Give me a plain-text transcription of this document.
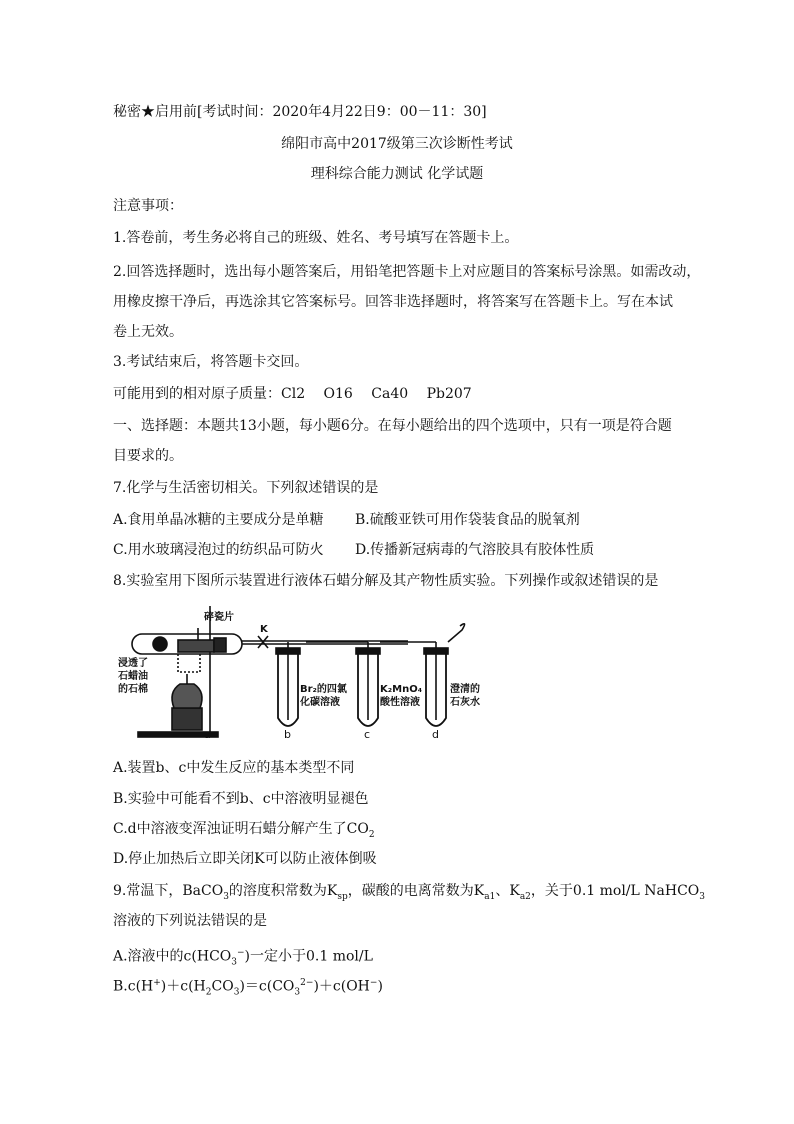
秘密★启用前[考试时间：2020年4月22日9：00－11：30]
绵阳市高中2017级第三次诊断性考试
理科综合能力测试 化学试题
注意事项：
1.答卷前，考生务必将自己的班级、姓名、考号填写在答题卡上。
2.回答选择题时，选出每小题答案后，用铅笔把答题卡上对应题目的答案标号涂黑。如需改动，
用橡皮擦干净后，再选涂其它答案标号。回答非选择题时，将答案写在答题卡上。写在本试
卷上无效。
3.考试结束后，将答题卡交回。
可能用到的相对原子质量：Cl2　 O16　 Ca40　 Pb207
一、选择题：本题共13小题，每小题6分。在每小题给出的四个选项中，只有一项是符合题
目要求的。
7.化学与生活密切相关。下列叙述错误的是
A.食用单晶冰糖的主要成分是单糖 B.硫酸亚铁可用作袋装食品的脱氧剂
C.用水玻璃浸泡过的纺织品可防火 D.传播新冠病毒的气溶胶具有胶体性质
8.实验室用下图所示装置进行液体石蜡分解及其产物性质实验。下列操作或叙述错误的是
碎瓷片
K
浸透了
石蜡油
的石棉	Br₂的四氯
化碳溶液
K₂MnO₄
酸性溶液
澄清的
石灰水
a	b	c	d
A.装置b、c中发生反应的基本类型不同
B.实验中可能看不到b、c中溶液明显褪色
C.d中溶液变浑浊证明石蜡分解产生了$CO_2$
D.停止加热后立即关闭K可以防止液体倒吸
9.常温下，BaCO$_3$的溶度积常数为$K_{sp}$，碳酸的电离常数为$K_{a1}$、$K_{a2}$，关于0.1 mol/L NaHCO$_3$
溶液的下列说法错误的是
A.溶液中的$c(HCO_3^-)$一定小于0.1 mol/L
$B.c(H^+)+c(H_2CO_3)=c(CO_3^{2-})+c(OH^-)$
